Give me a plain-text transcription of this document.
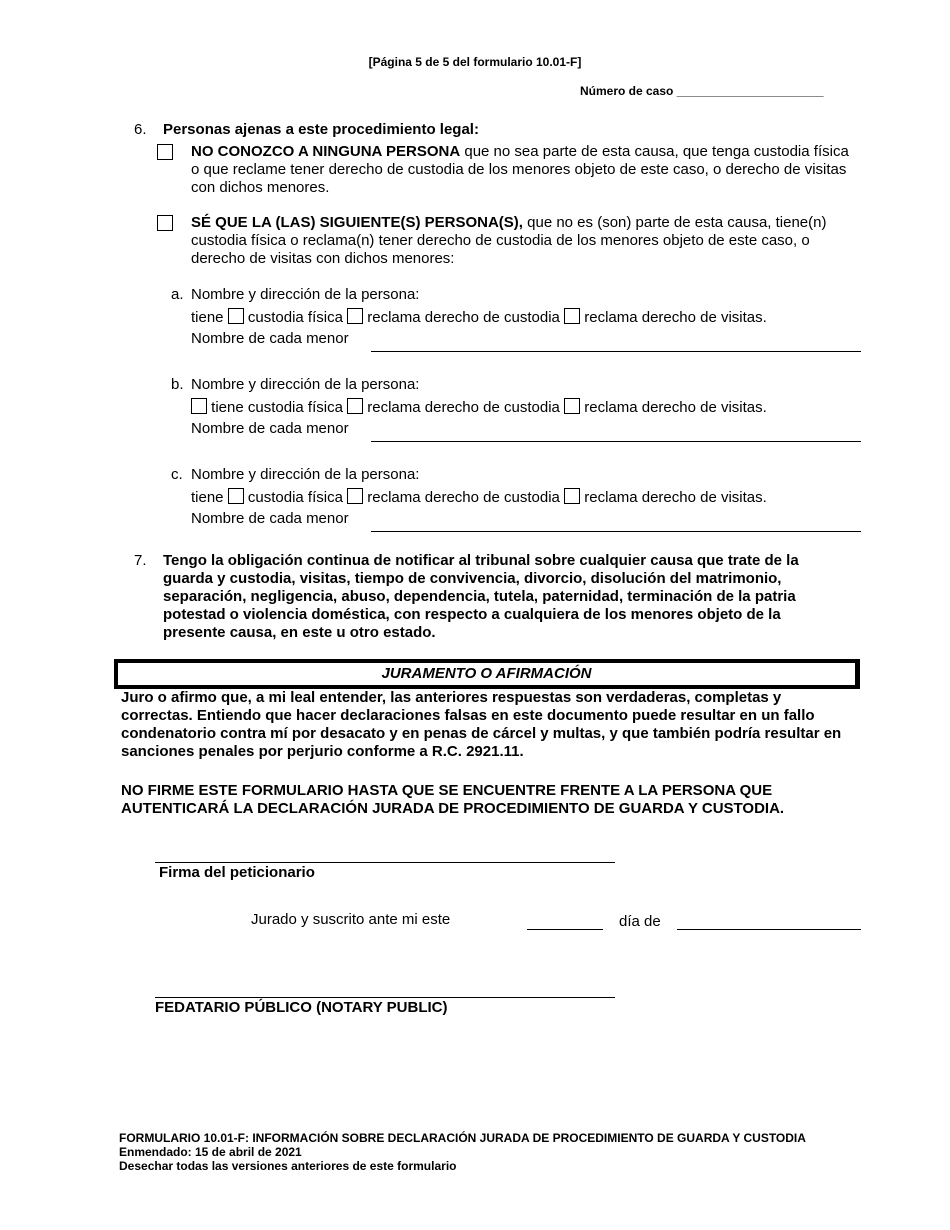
[Página 5 de 5 del formulario 10.01-F]
Número de caso ______________________
6. Personas ajenas a este procedimiento legal:
NO CONOZCO A NINGUNA PERSONA que no sea parte de esta causa, que tenga custodia física o que reclame tener derecho de custodia de los menores objeto de este caso, o derecho de visitas con dichos menores.
SÉ QUE LA (LAS) SIGUIENTE(S) PERSONA(S), que no es (son) parte de esta causa, tiene(n) custodia física o reclama(n) tener derecho de custodia de los menores objeto de este caso, o derecho de visitas con dichos menores:
a. Nombre y dirección de la persona:
tiene custodia física reclama derecho de custodia reclama derecho de visitas.
Nombre de cada menor
b. Nombre y dirección de la persona:
tiene custodia física reclama derecho de custodia reclama derecho de visitas.
Nombre de cada menor
c. Nombre y dirección de la persona:
tiene custodia física reclama derecho de custodia reclama derecho de visitas.
Nombre de cada menor
7. Tengo la obligación continua de notificar al tribunal sobre cualquier causa que trate de la guarda y custodia, visitas, tiempo de convivencia, divorcio, disolución del matrimonio, separación, negligencia, abuso, dependencia, tutela, paternidad, terminación de la patria potestad o violencia doméstica, con respecto a cualquiera de los menores objeto de la presente causa, en este u otro estado.
JURAMENTO O AFIRMACIÓN
Juro o afirmo que, a mi leal entender, las anteriores respuestas son verdaderas, completas y correctas. Entiendo que hacer declaraciones falsas en este documento puede resultar en un fallo condenatorio contra mí por desacato y en penas de cárcel y multas, y que también podría resultar en sanciones penales por perjurio conforme a R.C. 2921.11.
NO FIRME ESTE FORMULARIO HASTA QUE SE ENCUENTRE FRENTE A LA PERSONA QUE AUTENTICARÁ LA DECLARACIÓN JURADA DE PROCEDIMIENTO DE GUARDA Y CUSTODIA.
Firma del peticionario
Jurado y suscrito ante mi este	día de
FEDATARIO PÚBLICO (NOTARY PUBLIC)
FORMULARIO 10.01-F: INFORMACIÓN SOBRE DECLARACIÓN JURADA DE PROCEDIMIENTO DE GUARDA Y CUSTODIA
Enmendado: 15 de abril de 2021
Desechar todas las versiones anteriores de este formulario
